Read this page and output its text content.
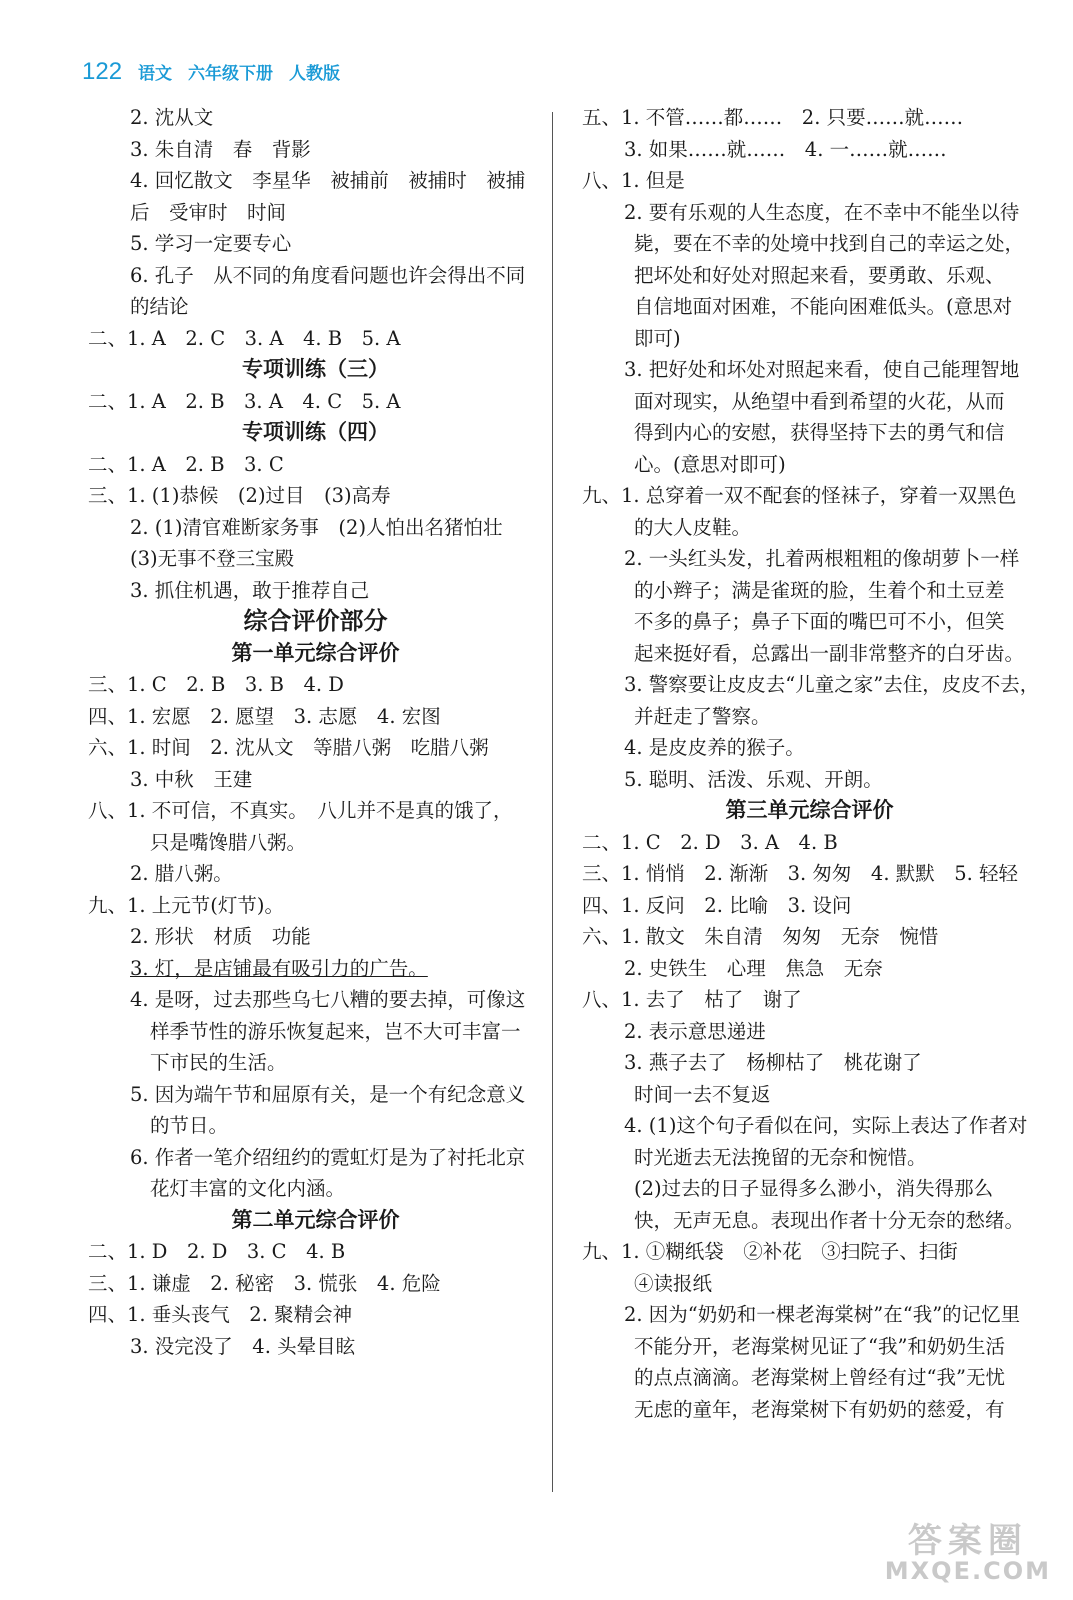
122 语文 六年级下册 人教版
2. 沈从文
3. 朱自清　春　背影
4. 回忆散文　李星华　被捕前　被捕时　被捕
后　受审时　时间
5. 学习一定要专心
6. 孔子　从不同的角度看问题也许会得出不同
的结论
二、1. A　2. C　3. A　4. B　5. A
专项训练（三）
二、1. A　2. B　3. A　4. C　5. A
专项训练（四）
二、1. A　2. B　3. C
三、1. (1)恭候　(2)过目　(3)高寿
2. (1)清官难断家务事　(2)人怕出名猪怕壮
(3)无事不登三宝殿
3. 抓住机遇，敢于推荐自己
综合评价部分
第一单元综合评价
三、1. C　2. B　3. B　4. D
四、1. 宏愿　2. 愿望　3. 志愿　4. 宏图
六、1. 时间　2. 沈从文　等腊八粥　吃腊八粥
3. 中秋　王建
八、1. 不可信，不真实。　八儿并不是真的饿了，
只是嘴馋腊八粥。
2. 腊八粥。
九、1. 上元节(灯节)。
2. 形状　材质　功能
3. 灯，是店铺最有吸引力的广告。
4. 是呀，过去那些乌七八糟的要去掉，可像这
样季节性的游乐恢复起来，岂不大可丰富一
下市民的生活。
5. 因为端午节和屈原有关，是一个有纪念意义
的节日。
6. 作者一笔介绍纽约的霓虹灯是为了衬托北京
花灯丰富的文化内涵。
第二单元综合评价
二、1. D　2. D　3. C　4. B
三、1. 谦虚　2. 秘密　3. 慌张　4. 危险
四、1. 垂头丧气　2. 聚精会神
3. 没完没了　4. 头晕目眩
五、1. 不管……都……　2. 只要……就……
3. 如果……就……　4. 一……就……
八、1. 但是
2. 要有乐观的人生态度，在不幸中不能坐以待
毙，要在不幸的处境中找到自己的幸运之处，
把坏处和好处对照起来看，要勇敢、乐观、
自信地面对困难，不能向困难低头。(意思对
即可)
3. 把好处和坏处对照起来看，使自己能理智地
面对现实，从绝望中看到希望的火花，从而
得到内心的安慰，获得坚持下去的勇气和信
心。(意思对即可)
九、1. 总穿着一双不配套的怪袜子，穿着一双黑色
的大人皮鞋。
2. 一头红头发，扎着两根粗粗的像胡萝卜一样
的小辫子；满是雀斑的脸，生着个和土豆差
不多的鼻子；鼻子下面的嘴巴可不小，但笑
起来挺好看，总露出一副非常整齐的白牙齿。
3. 警察要让皮皮去“儿童之家”去住，皮皮不去，
并赶走了警察。
4. 是皮皮养的猴子。
5. 聪明、活泼、乐观、开朗。
第三单元综合评价
二、1. C　2. D　3. A　4. B
三、1. 悄悄　2. 渐渐　3. 匆匆　4. 默默　5. 轻轻
四、1. 反问　2. 比喻　3. 设问
六、1. 散文　朱自清　匆匆　无奈　惋惜
2. 史铁生　心理　焦急　无奈
八、1. 去了　枯了　谢了
2. 表示意思递进
3. 燕子去了　杨柳枯了　桃花谢了
时间一去不复返
4. (1)这个句子看似在问，实际上表达了作者对
时光逝去无法挽留的无奈和惋惜。
(2)过去的日子显得多么渺小，消失得那么
快，无声无息。表现出作者十分无奈的愁绪。
九、1. ①糊纸袋　②补花　③扫院子、扫街
④读报纸
2. 因为“奶奶和一棵老海棠树”在“我”的记忆里
不能分开，老海棠树见证了“我”和奶奶生活
的点点滴滴。老海棠树上曾经有过“我”无忧
无虑的童年，老海棠树下有奶奶的慈爱，有
答案圈
MXQE.COM
